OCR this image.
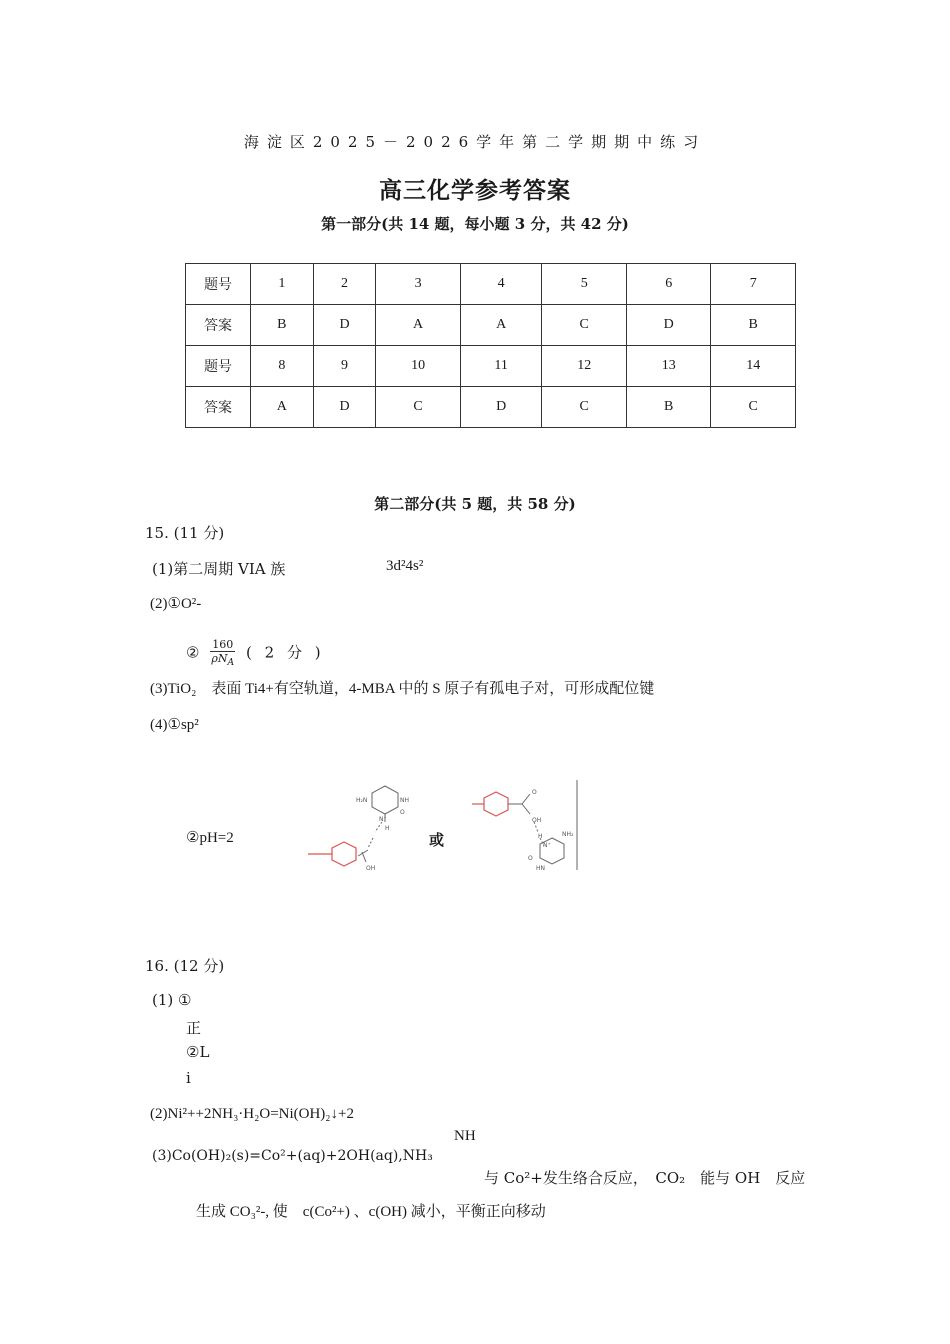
海淀区2025－2026学年第二学期期中练习
高三化学参考答案
第一部分(共 14 题，每小题 3 分，共 42 分)
题号	1	2	3	4	5	6	7
答案	B	D	A	A	C	D	B
题号	8	9	10	11	12	13	14
答案	A	D	C	D	C	B	C
第二部分(共 5 题，共 58 分)
15. (11 分)
(1)第二周期 VIA 族	3d²4s²
(2)①O²-
② $\frac{160}{\rho N_A}$ ( 2 分 )
(3)TiO₂　表面 Ti4+有空轨道，4-MBA 中的 S 原子有孤电子对，可形成配位键
(4)①sp²
②pH=2
H₂N	NH
N⁺
O
H
OH
或
O
OH
H
N⁺
NH₂
HN
O
16. (12 分)
(1) ①
正
②L
i
(2)Ni²++2NH₃·H₂O=Ni(OH)₂↓+2
NH
(3)Co(OH)₂(s)=Co²+(aq)+2OH(aq),NH₃
与 Co²+发生络合反应，　CO₂　能与 OH　反应
生成 CO₃²-, 使　c(Co²+) 、c(OH) 减小，平衡正向移动
